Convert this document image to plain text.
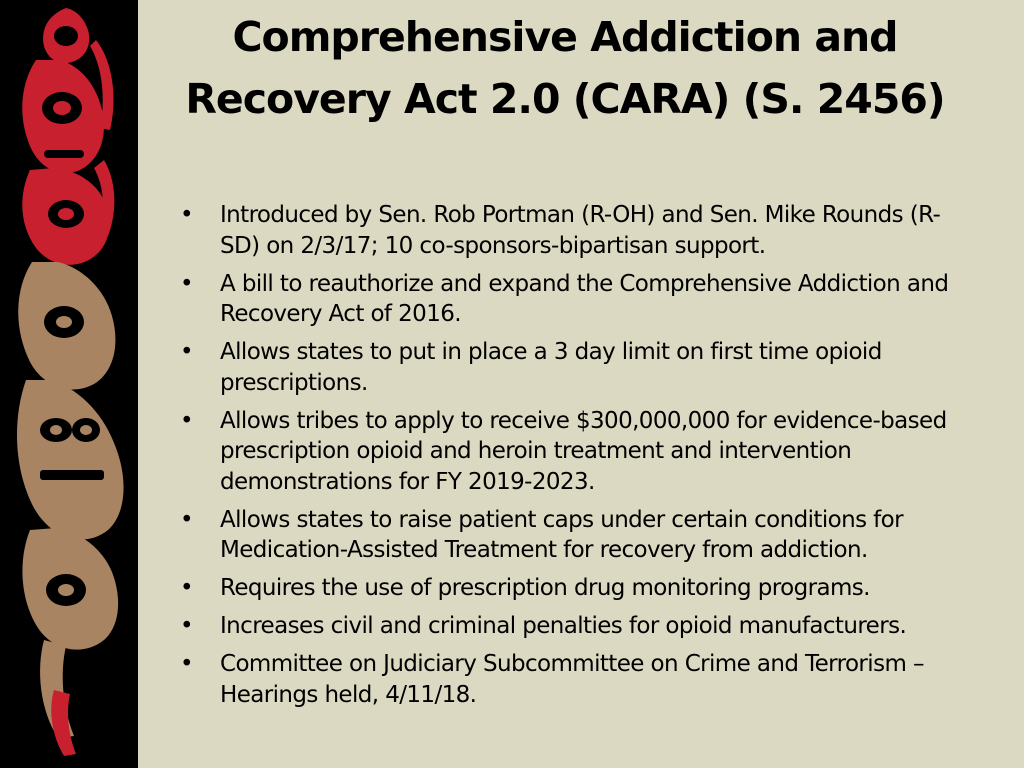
Comprehensive Addiction and
Recovery Act 2.0 (CARA) (S. 2456)
• Introduced by Sen. Rob Portman (R-OH) and Sen. Mike Rounds (R-SD) on 2/3/17; 10 co-sponsors-bipartisan support.
• A bill to reauthorize and expand the Comprehensive Addiction and Recovery Act of 2016.
• Allows states to put in place a 3 day limit on first time opioid prescriptions.
• Allows tribes to apply to receive $300,000,000 for evidence-based prescription opioid and heroin treatment and intervention demonstrations for FY 2019-2023.
• Allows states to raise patient caps under certain conditions for Medication-Assisted Treatment for recovery from addiction.
• Requires the use of prescription drug monitoring programs.
• Increases civil and criminal penalties for opioid manufacturers.
• Committee on Judiciary Subcommittee on Crime and Terrorism – Hearings held, 4/11/18.
